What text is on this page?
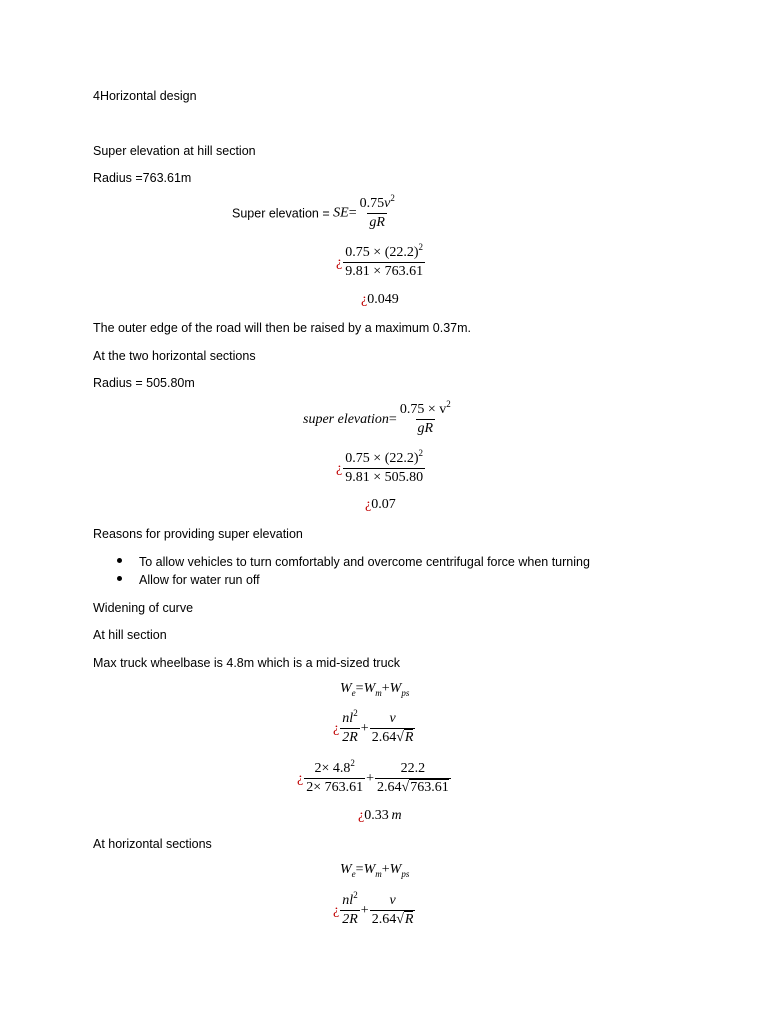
4Horizontal design
Super elevation at hill section
Radius =763.61m
Super elevation = $SE= \frac{0.75v^2}{gR}$
¿ $\frac{0.75 \times (22.2)^2}{9.81 \times 763.61}$
¿0.049
The outer edge of the road will then be raised by a maximum 0.37m.
At the two horizontal sections
Radius = 505.80m
super elevation= $\frac{0.75 \times v^2}{gR}$
¿ $\frac{0.75 \times (22.2)^2}{9.81 \times 505.80}$
¿0.07
Reasons for providing super elevation
To allow vehicles to turn comfortably and overcome centrifugal force when turning
Allow for water run off
Widening of curve
At hill section
Max truck wheelbase is 4.8m which is a mid-sized truck
$W_e=W_m+W_{ps}$
¿ $\frac{nl^2}{2R} + \frac{v}{2.64√R}$
¿ $\frac{2\times 4.8^2}{2\times 763.61} + \frac{22.2}{2.64√763.61}$
¿0.33  m
At horizontal sections
$W_e=W_m+W_{ps}$
¿ $\frac{nl^2}{2R} + \frac{v}{2.64√R}$
